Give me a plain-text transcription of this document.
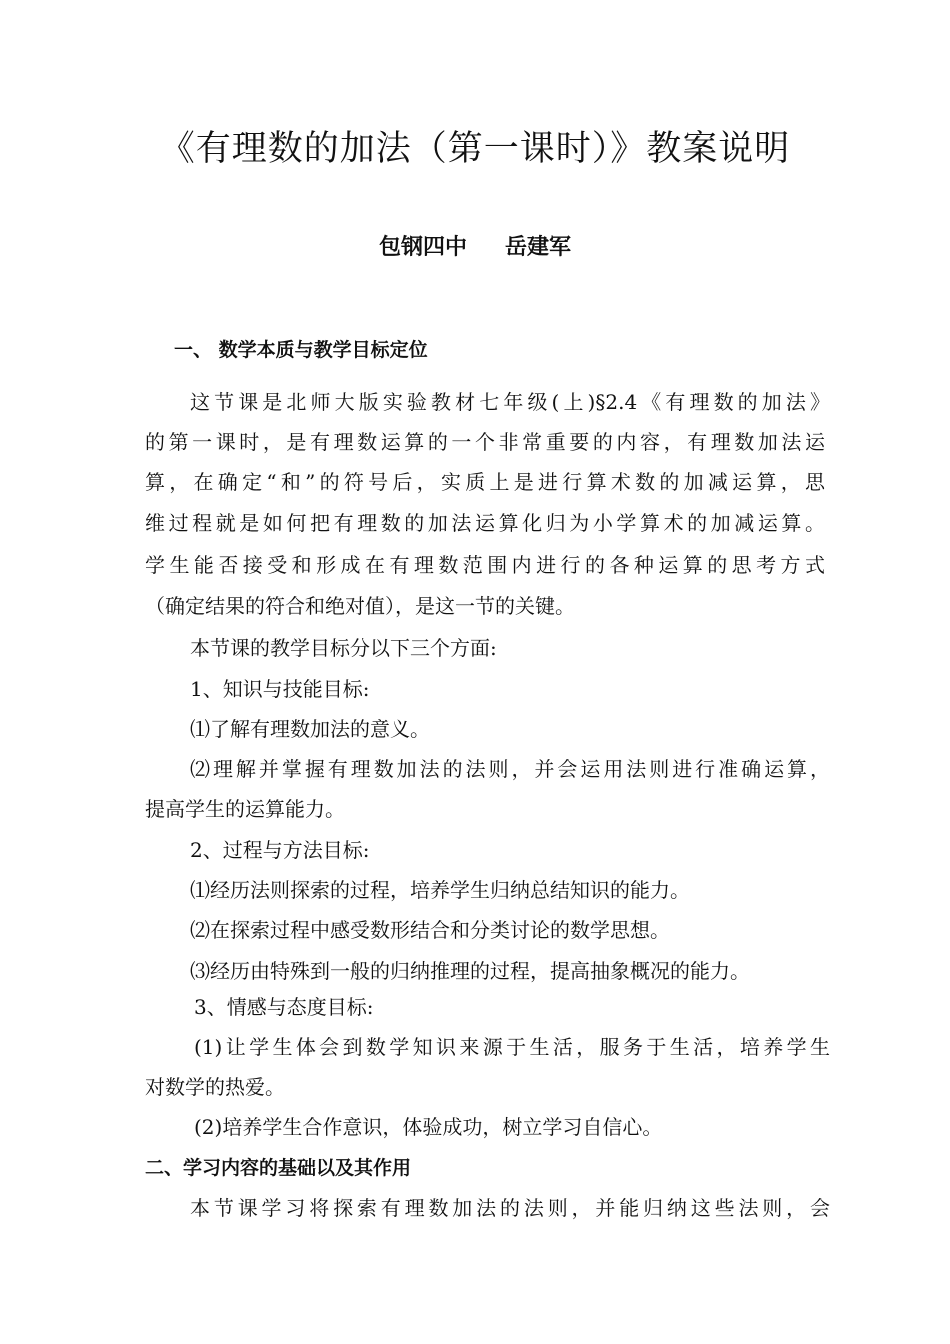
《有理数的加法（第一课时）》教案说明
包钢四中 岳建军
一、 数学本质与教学目标定位
这节课是北师大版实验教材七年级(上)§2.4《有理数的加法》
的第一课时，是有理数运算的一个非常重要的内容，有理数加法运
算，在确定“和”的符号后，实质上是进行算术数的加减运算，思
维过程就是如何把有理数的加法运算化归为小学算术的加减运算。
学生能否接受和形成在有理数范围内进行的各种运算的思考方式
（确定结果的符合和绝对值），是这一节的关键。
本节课的教学目标分以下三个方面:
1、知识与技能目标:
⑴了解有理数加法的意义。
⑵理解并掌握有理数加法的法则，并会运用法则进行准确运算，
提高学生的运算能力。
2、过程与方法目标:
⑴经历法则探索的过程，培养学生归纳总结知识的能力。
⑵在探索过程中感受数形结合和分类讨论的数学思想。
⑶经历由特殊到一般的归纳推理的过程，提高抽象概况的能力。
3、情感与态度目标:
(1)让学生体会到数学知识来源于生活，服务于生活，培养学生
对数学的热爱。
(2)培养学生合作意识，体验成功，树立学习自信心。
二、学习内容的基础以及其作用
本节课学习将探索有理数加法的法则，并能归纳这些法则，会
